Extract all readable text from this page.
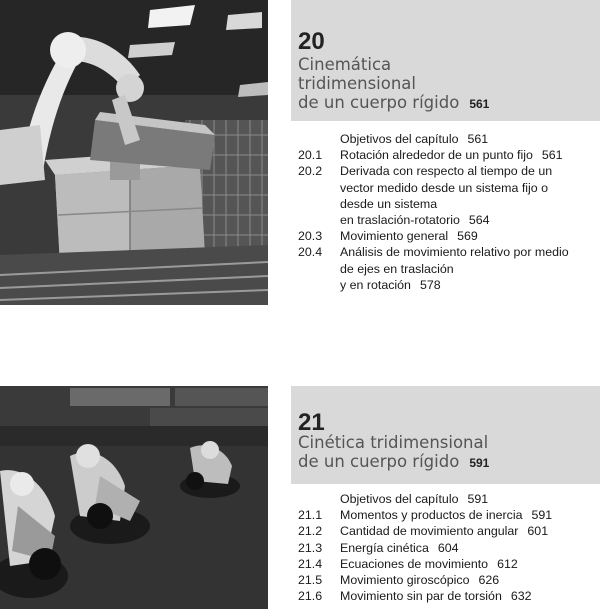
20
Cinemática
tridimensional
de un cuerpo rígido 561
Objetivos del capítulo 561
20.1	Rotación alrededor de un punto fijo 561
20.2	Derivada con respecto al tiempo de un
vector medido desde un sistema fijo o
desde un sistema
en traslación-rotatorio 564
20.3	Movimiento general 569
20.4	Análisis de movimiento relativo por medio
de ejes en traslación
y en rotación 578
21
Cinética tridimensional
de un cuerpo rígido 591
Objetivos del capítulo 591
21.1	Momentos y productos de inercia 591
21.2	Cantidad de movimiento angular 601
21.3	Energía cinética 604
21.4	Ecuaciones de movimiento 612
21.5	Movimiento giroscópico 626
21.6	Movimiento sin par de torsión 632
